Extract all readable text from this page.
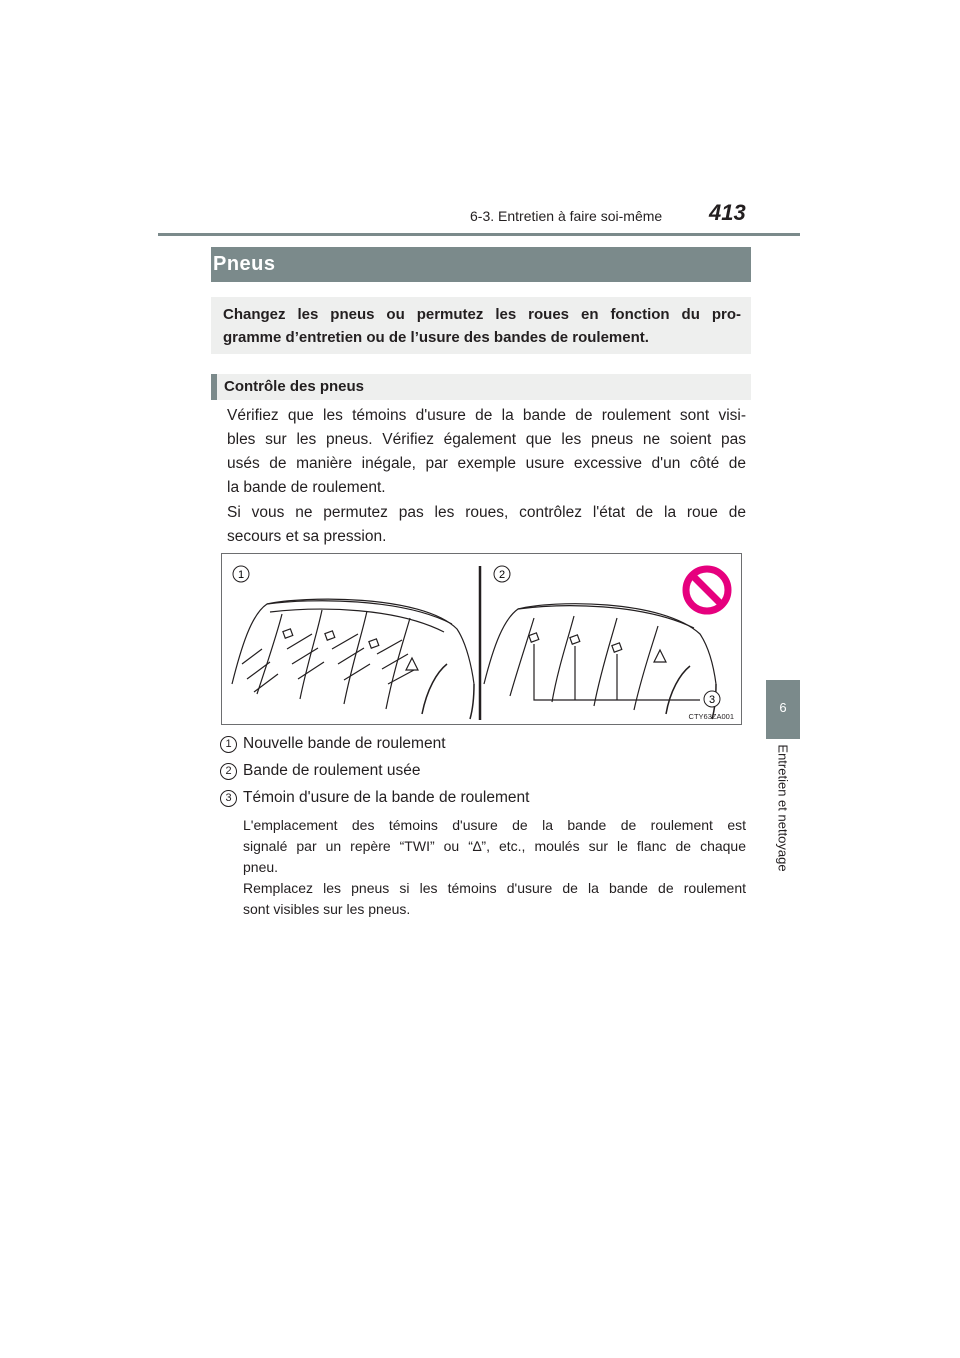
413
6-3. Entretien à faire soi-même
6
Entretien et nettoyage
Pneus
Changez les pneus ou permutez les roues en fonction du pro-
gramme d’entretien ou de l’usure des bandes de roulement.
Contrôle des pneus
Vérifiez que les témoins d'usure de la bande de roulement sont visi-
bles sur les pneus. Vérifiez également que les pneus ne soient pas
usés de manière inégale, par exemple usure excessive d'un côté de
la bande de roulement.
Si vous ne permutez pas les roues, contrôlez l'état de la roue de
secours et sa pression.
1	2
3
CTY63ZA001
1 Nouvelle bande de roulement
2 Bande de roulement usée
3 Témoin d'usure de la bande de roulement
L'emplacement des témoins d'usure de la bande de roulement est
signalé par un repère “TWI” ou “∆”, etc., moulés sur le flanc de chaque
pneu.
Remplacez les pneus si les témoins d'usure de la bande de roulement
sont visibles sur les pneus.
